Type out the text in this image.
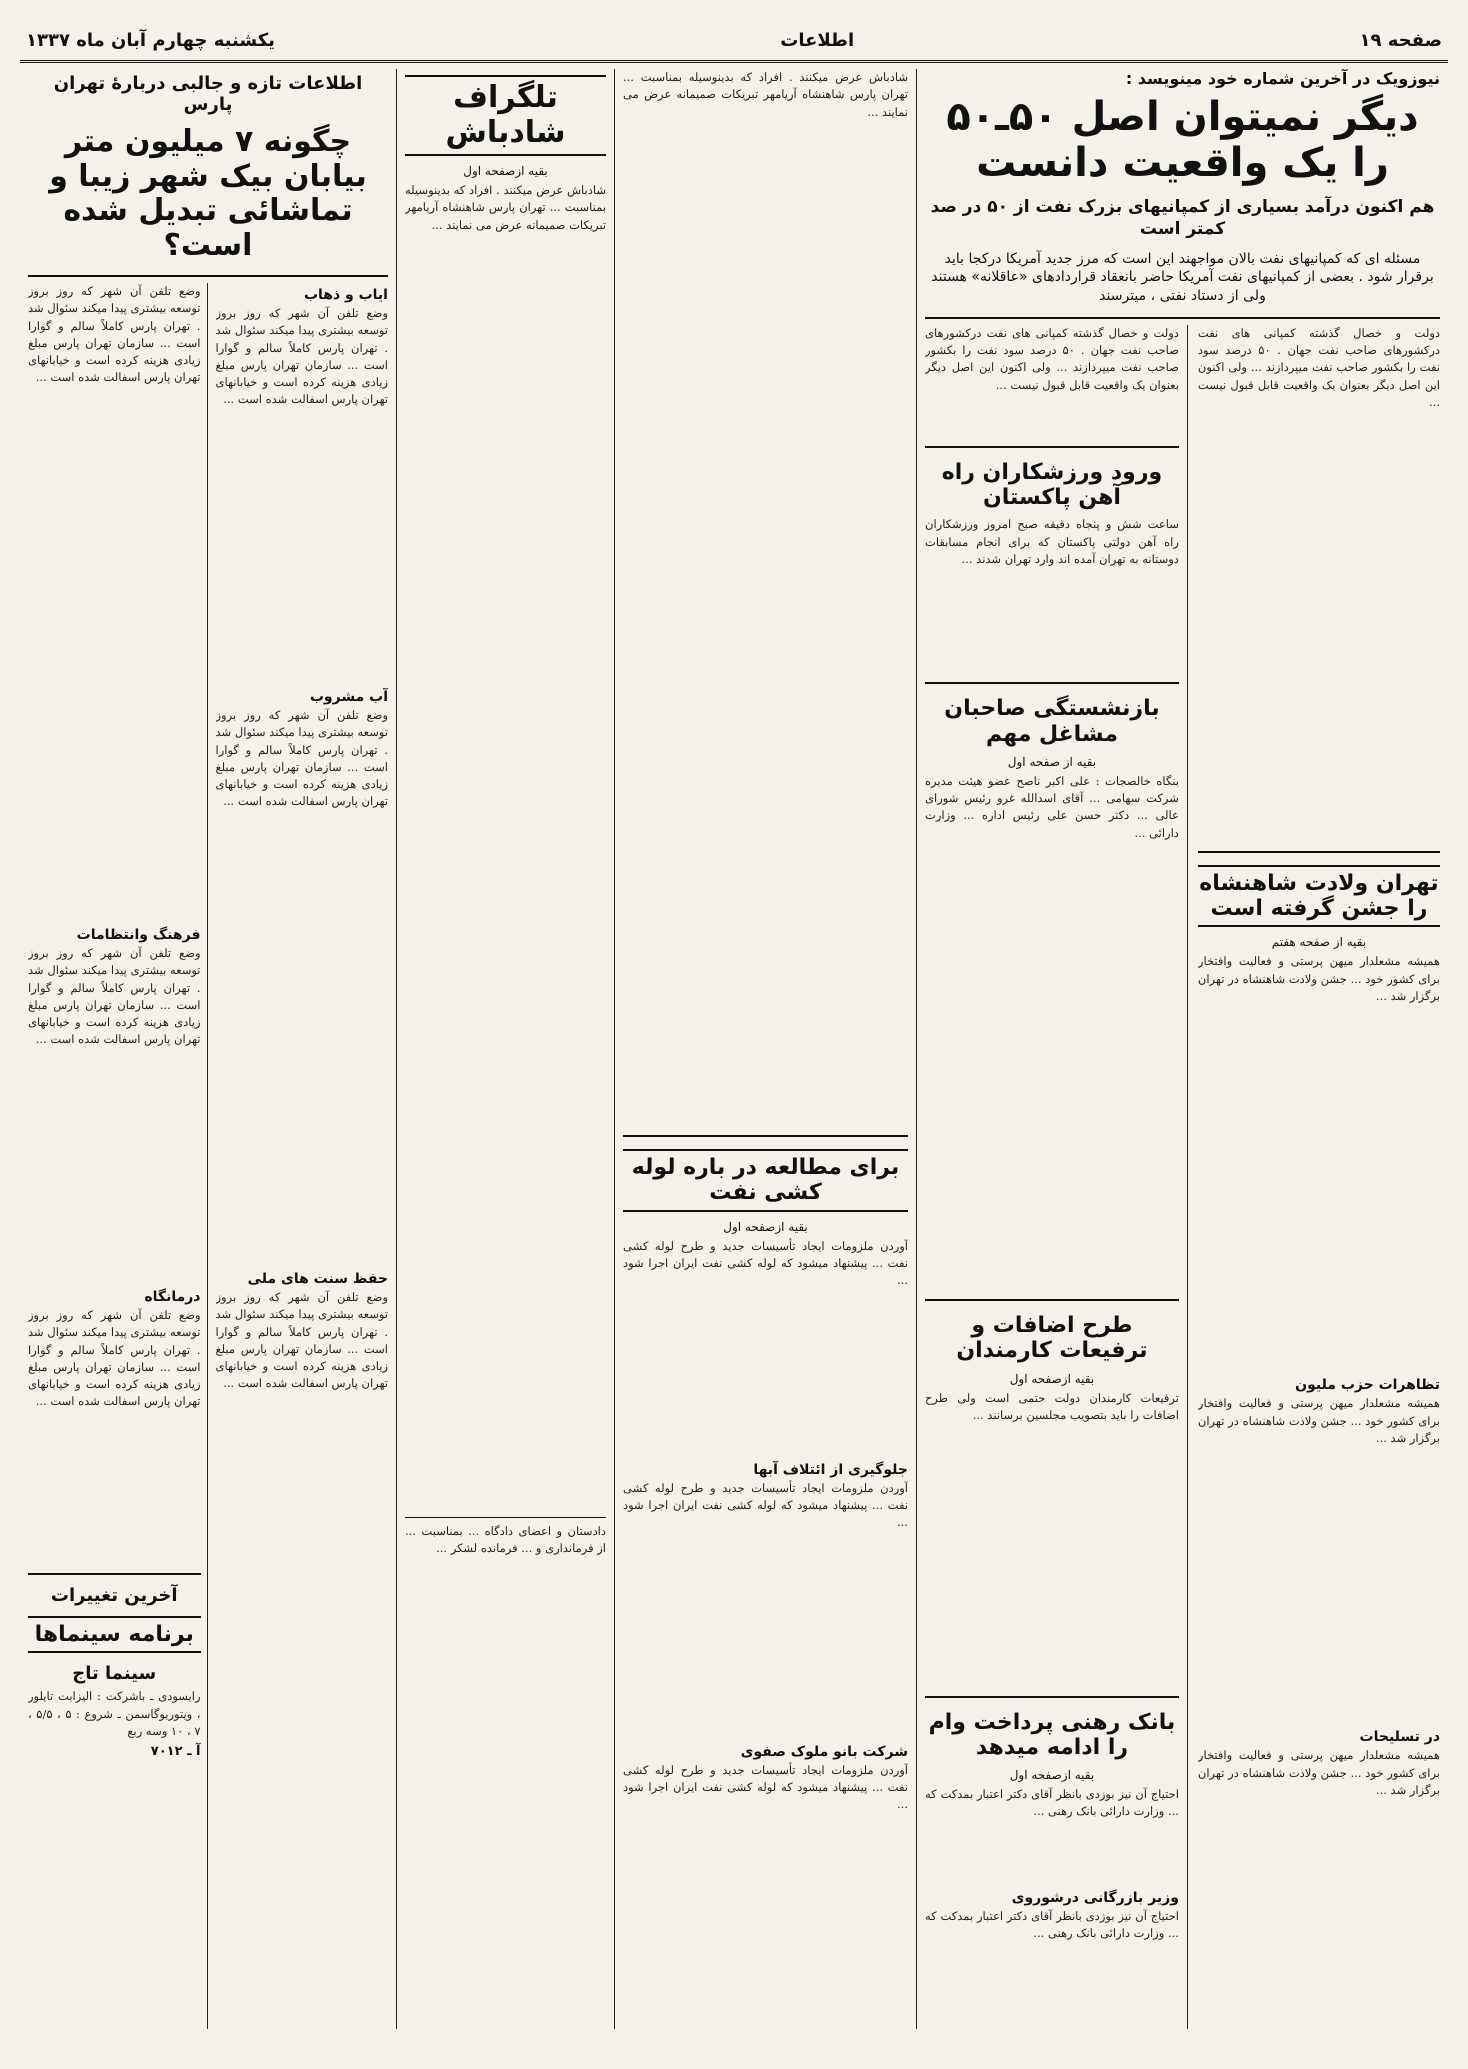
صفحه ۱۹
اطلاعات
یکشنبه چهارم آبان ماه ۱۳۳۷
نیوزویک در آخرین شماره خود مینویسد :
دیگر نمیتوان اصل ۵۰ـ۵۰ را یک واقعیت دانست
هم اکنون درآمد بسیاری از کمپانیهای بزرک نفت از ۵۰ در صد کمتر است
مسئله ای که کمپانیهای نفت بالان مواجهند این است که مرز جدید آمریکا درکجا باید برقرار شود . بعضی از کمپانیهای نفت آمریکا حاضر بانعقاد قراردادهای «عاقلانه» هستند ولی از دستاد نفتی ، میترسند
دولت و خصال گذشته کمپانی های نفت درکشورهای صاحب نفت جهان . ۵۰ درصد سود نفت را بکشور صاحب نفت میپردازند ... ولی اکنون این اصل دیگر بعنوان یک واقعیت قابل قبول نیست ...
تهران ولادت شاهنشاه را جشن گرفته است
بقیه از صفحه هفتم
همیشه مشعلدار میهن پرستی و فعالیت وافتخار برای کشور خود ... جشن ولادت شاهنشاه در تهران برگزار شد ...
تظاهرات حزب ملیون
همیشه مشعلدار میهن پرستی و فعالیت وافتخار برای کشور خود ... جشن ولادت شاهنشاه در تهران برگزار شد ...
در تسلیحات
همیشه مشعلدار میهن پرستی و فعالیت وافتخار برای کشور خود ... جشن ولادت شاهنشاه در تهران برگزار شد ...
دولت و خصال گذشته کمپانی های نفت درکشورهای صاحب نفت جهان . ۵۰ درصد سود نفت را بکشور صاحب نفت میپردازند ... ولی اکنون این اصل دیگر بعنوان یک واقعیت قابل قبول نیست ...
ورود ورزشکاران راه آهن پاکستان
ساعت شش و پنجاه دقیقه صبح امروز ورزشکاران راه آهن دولتی پاکستان که برای انجام مسابقات دوستانه به تهران آمده اند وارد تهران شدند ...
بازنشستگی صاحبان مشاغل مهم
بقیه از صفحه اول
بنگاه خالصجات : علی اکبر ناصح عضو هیئت مدیره شرکت سهامی ... آقای اسدالله غرو رئیس شورای عالی ... دکتر حسن علی رئیس اداره ... وزارت دارائی ...
طرح اضافات و ترفیعات کارمندان
بقیه ازصفحه اول
ترفیعات کارمندان دولت حتمی است ولی طرح اضافات را باید بتصویب مجلسین برسانند ...
بانک رهنی پرداخت وام را ادامه میدهد
بقیه ازصفحه اول
احتیاج آن نیز بوزدی بانظر آقای دکتر اعتبار بمدکت که ... وزارت دارائی بانک رهنی ...
وزیر بازرگانی درشوروی
احتیاج آن نیز بوزدی بانظر آقای دکتر اعتبار بمدکت که ... وزارت دارائی بانک رهنی ...
شادباش عرض میکنند . افراد که بدینوسیله بمناسبت ... تهران پارس شاهنشاه آریامهر تبریکات صمیمانه عرض می نمایند ...
برای مطالعه در باره لوله کشی نفت
بقیه ازصفحه اول
آوردن ملزومات ایجاد تأسیسات جدید و طرح لوله کشی نفت ... پیشنهاد میشود که لوله کشی نفت ایران اجرا شود ...
جلوگیری از ائتلاف آبها
آوردن ملزومات ایجاد تأسیسات جدید و طرح لوله کشی نفت ... پیشنهاد میشود که لوله کشی نفت ایران اجرا شود ...
شرکت بانو ملوک صفوی
آوردن ملزومات ایجاد تأسیسات جدید و طرح لوله کشی نفت ... پیشنهاد میشود که لوله کشی نفت ایران اجرا شود ...
تلگراف شادباش
بقیه ازصفحه اول
شادباش عرض میکنند . افراد که بدینوسیله بمناسبت ... تهران پارس شاهنشاه آریامهر تبریکات صمیمانه عرض می نمایند ...
دادستان و اعضای دادگاه ... بمناسبت ... از فرمانداری و ... فرمانده لشکر ...
اطلاعات تازه و جالبی دربارهٔ تهران پارس
چگونه ۷ میلیون متر بیابان بیک شهر زیبا و تماشائی تبدیل شده است؟
ایاب و ذهاب
وضع تلفن آن شهر که روز بروز توسعه بیشتری پیدا میکند سئوال شد . تهران پارس کاملاً سالم و گوارا است ... سازمان تهران پارس مبلغ زیادی هزینه کرده است و خیابانهای تهران پارس اسفالت شده است ...
آب مشروب
وضع تلفن آن شهر که روز بروز توسعه بیشتری پیدا میکند سئوال شد . تهران پارس کاملاً سالم و گوارا است ... سازمان تهران پارس مبلغ زیادی هزینه کرده است و خیابانهای تهران پارس اسفالت شده است ...
حفظ سنت های ملی
وضع تلفن آن شهر که روز بروز توسعه بیشتری پیدا میکند سئوال شد . تهران پارس کاملاً سالم و گوارا است ... سازمان تهران پارس مبلغ زیادی هزینه کرده است و خیابانهای تهران پارس اسفالت شده است ...
وضع تلفن آن شهر که روز بروز توسعه بیشتری پیدا میکند سئوال شد . تهران پارس کاملاً سالم و گوارا است ... سازمان تهران پارس مبلغ زیادی هزینه کرده است و خیابانهای تهران پارس اسفالت شده است ...
فرهنگ وانتظامات
وضع تلفن آن شهر که روز بروز توسعه بیشتری پیدا میکند سئوال شد . تهران پارس کاملاً سالم و گوارا است ... سازمان تهران پارس مبلغ زیادی هزینه کرده است و خیابانهای تهران پارس اسفالت شده است ...
درمانگاه
وضع تلفن آن شهر که روز بروز توسعه بیشتری پیدا میکند سئوال شد . تهران پارس کاملاً سالم و گوارا است ... سازمان تهران پارس مبلغ زیادی هزینه کرده است و خیابانهای تهران پارس اسفالت شده است ...
آخرین تغییرات
برنامه سینماها
سینما تاج
رایسودی ـ باشرکت : الیزابت تایلور ، ویتوریوگاسمن ـ شروع : ۵ ، ۵/۵ ، ۷ ، ۱۰ وسه ربع
آ ـ ۷۰۱۲
